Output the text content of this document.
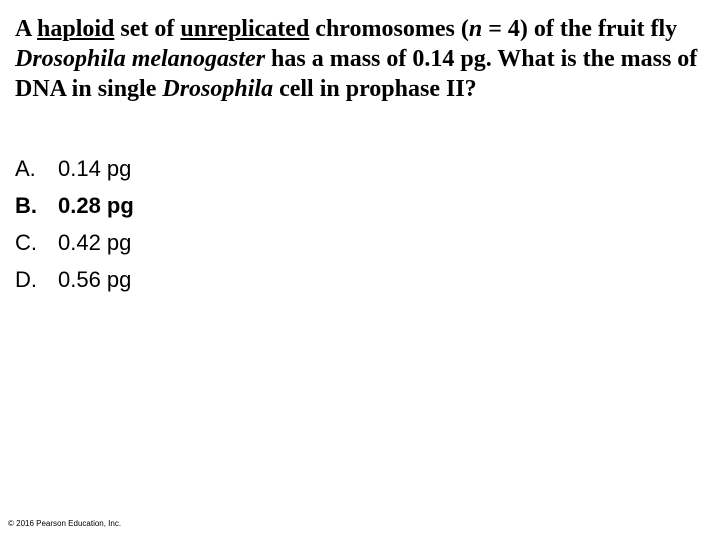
A haploid set of unreplicated chromosomes (n = 4) of the fruit fly Drosophila melanogaster has a mass of 0.14 pg. What is the mass of DNA in single Drosophila cell in prophase II?

A.	0.14 pg
B. 0.28 pg
C. 0.42 pg
D. 0.56 pg
© 2016 Pearson Education, Inc.
